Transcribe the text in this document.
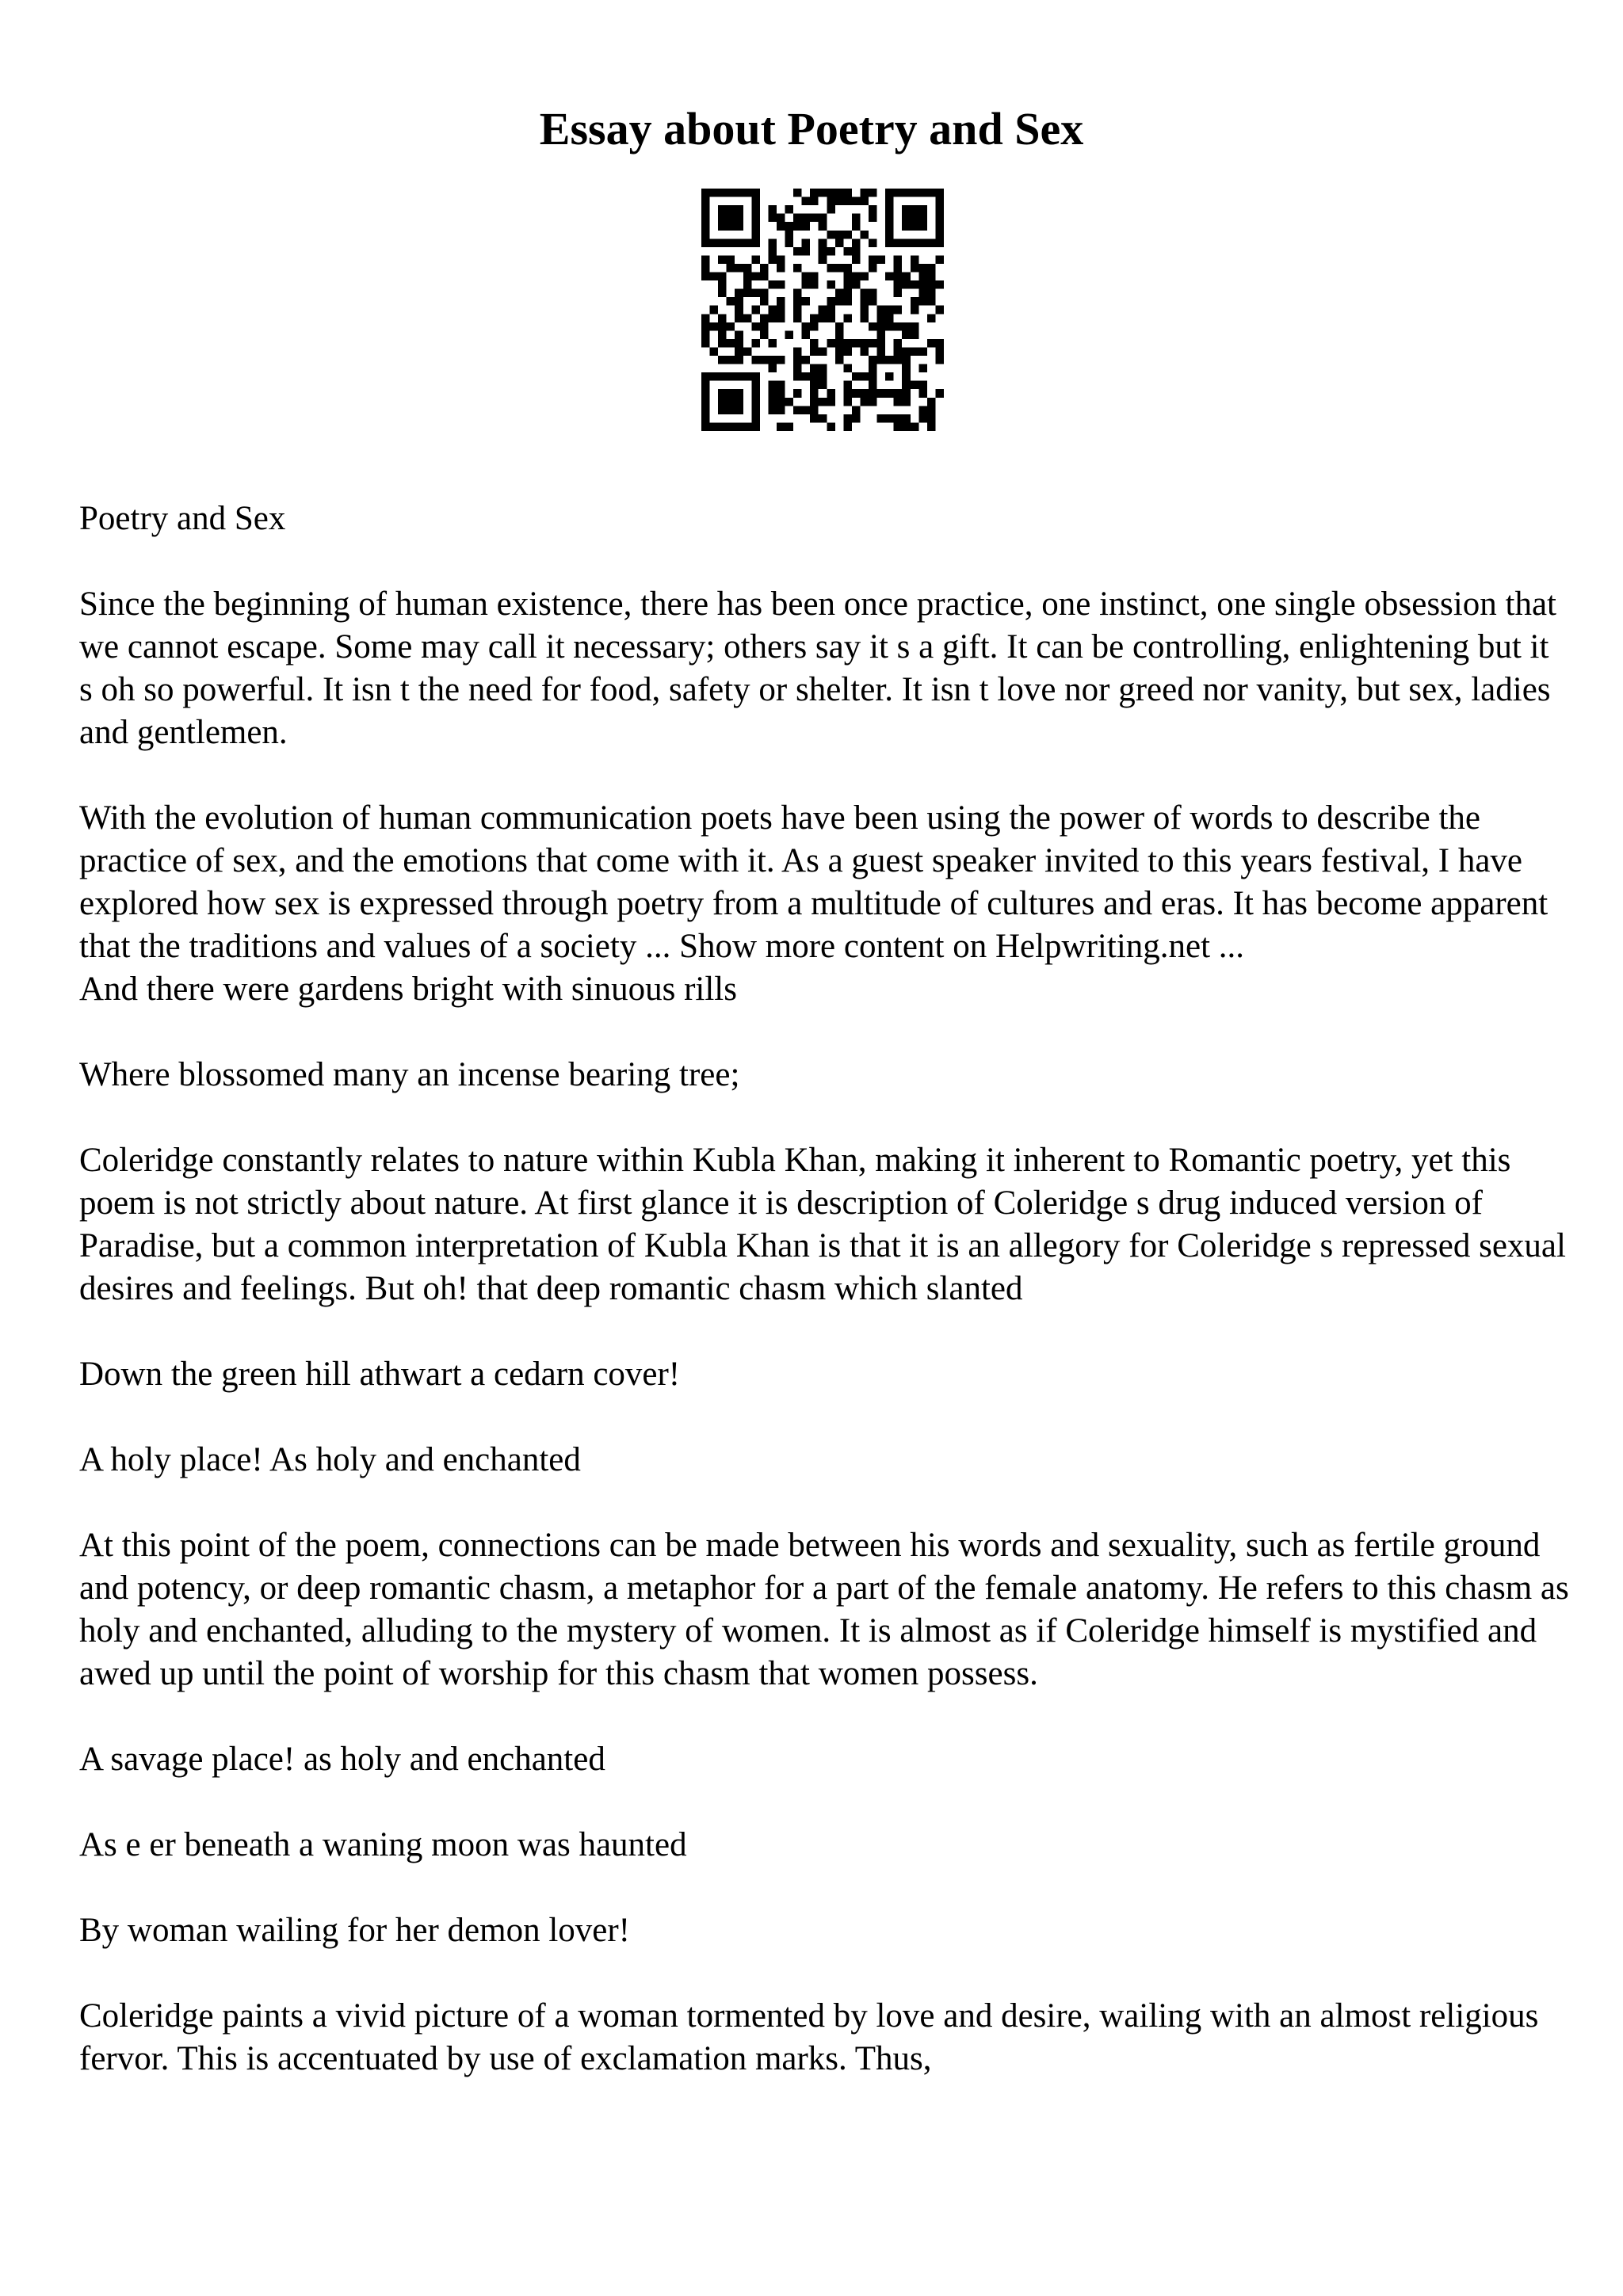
Essay about Poetry and Sex

Poetry and Sex

Since the beginning of human existence, there has been once practice, one instinct, one single obsession that we cannot escape. Some may call it necessary; others say it s a gift. It can be controlling, enlightening but it s oh so powerful. It isn t the need for food, safety or shelter. It isn t love nor greed nor vanity, but sex, ladies and gentlemen.

With the evolution of human communication poets have been using the power of words to describe the practice of sex, and the emotions that come with it. As a guest speaker invited to this years festival, I have explored how sex is expressed through poetry from a multitude of cultures and eras. It has become apparent that the traditions and values of a society ... Show more content on Helpwriting.net ...

And there were gardens bright with sinuous rills

Where blossomed many an incense bearing tree;

Coleridge constantly relates to nature within Kubla Khan, making it inherent to Romantic poetry, yet this poem is not strictly about nature. At first glance it is description of Coleridge s drug induced version of Paradise, but a common interpretation of Kubla Khan is that it is an allegory for Coleridge s repressed sexual desires and feelings. But oh! that deep romantic chasm which slanted

Down the green hill athwart a cedarn cover!

A holy place! As holy and enchanted

At this point of the poem, connections can be made between his words and sexuality, such as fertile ground and potency, or deep romantic chasm, a metaphor for a part of the female anatomy. He refers to this chasm as holy and enchanted, alluding to the mystery of women. It is almost as if Coleridge himself is mystified and awed up until the point of worship for this chasm that women possess.

A savage place! as holy and enchanted

As e er beneath a waning moon was haunted

By woman wailing for her demon lover!

Coleridge paints a vivid picture of a woman tormented by love and desire, wailing with an almost religious fervor. This is accentuated by use of exclamation marks. Thus,
